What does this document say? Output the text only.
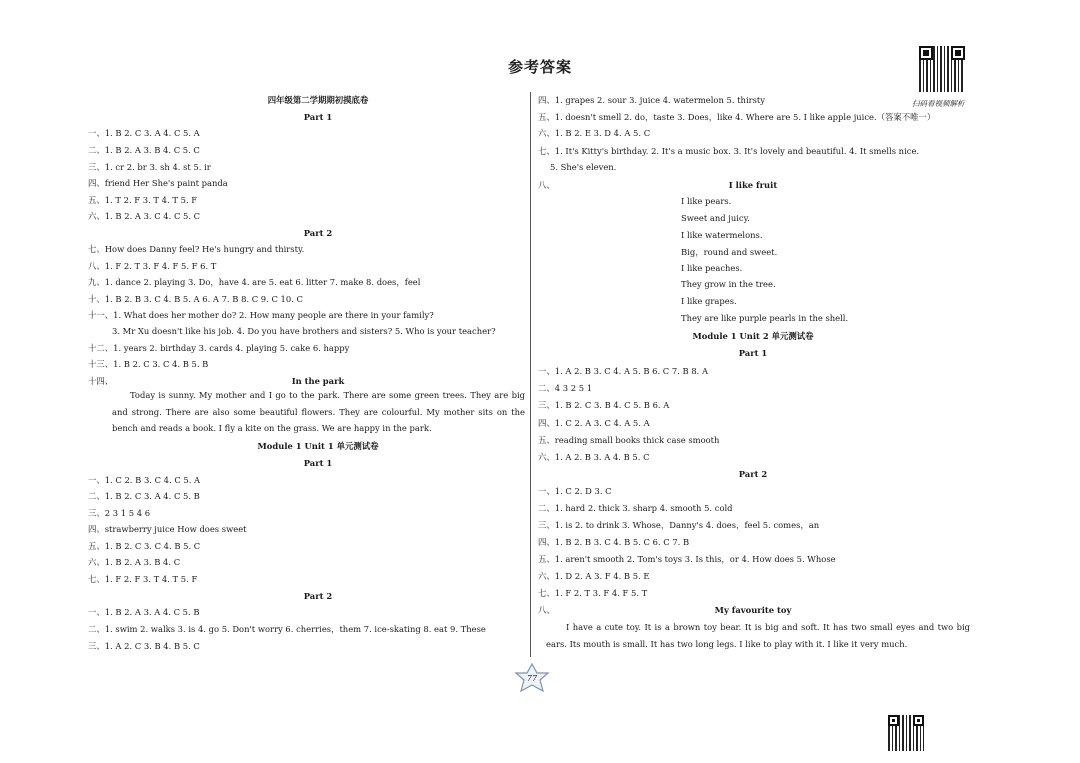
参考答案
扫码看视频解析
四年级第二学期期初摸底卷
Part 1
一、1. B 2. C 3. A 4. C 5. A
二、1. B 2. A 3. B 4. C 5. C
三、1. cr 2. br 3. sh 4. st 5. ir
四、friend Her She's paint panda
五、1. T 2. F 3. T 4. T 5. F
六、1. B 2. A 3. C 4. C 5. C
Part 2
七、How does Danny feel? He's hungry and thirsty.
八、1. F 2. T 3. F 4. F 5. F 6. T
九、1. dance 2. playing 3. Do，have 4. are 5. eat 6. litter 7. make 8. does，feel
十、1. B 2. B 3. C 4. B 5. A 6. A 7. B 8. C 9. C 10. C
十一、1. What does her mother do? 2. How many people are there in your family?
3. Mr Xu doesn't like his job. 4. Do you have brothers and sisters? 5. Who is your teacher?
十二、1. years 2. birthday 3. cards 4. playing 5. cake 6. happy
十三、1. B 2. C 3. C 4. B 5. B
十四、	In the park
Today is sunny. My mother and I go to the park. There are some green trees. They are big and strong. There are also some beautiful flowers. They are colourful. My mother sits on the bench and reads a book. I fly a kite on the grass. We are happy in the park.
Module 1 Unit 1 单元测试卷
Part 1
一、1. C 2. B 3. C 4. C 5. A
二、1. B 2. C 3. A 4. C 5. B
三、2 3 1 5 4 6
四、strawberry juice How does sweet
五、1. B 2. C 3. C 4. B 5. C
六、1. B 2. A 3. B 4. C
七、1. F 2. F 3. T 4. T 5. F
Part 2
一、1. B 2. A 3. A 4. C 5. B
二、1. swim 2. walks 3. is 4. go 5. Don't worry 6. cherries，them 7. ice-skating 8. eat 9. These
三、1. A 2. C 3. B 4. B 5. C
四、1. grapes 2. sour 3. juice 4. watermelon 5. thirsty
五、1. doesn't smell 2. do，taste 3. Does，like 4. Where are 5. I like apple juice.（答案不唯一）
六、1. B 2. E 3. D 4. A 5. C
七、1. It's Kitty's birthday. 2. It's a music box. 3. It's lovely and beautiful. 4. It smells nice.
5. She's eleven.
八、	I like fruit
I like pears.
Sweet and juicy.
I like watermelons.
Big，round and sweet.
I like peaches.
They grow in the tree.
I like grapes.
They are like purple pearls in the shell.
Module 1 Unit 2 单元测试卷
Part 1
一、1. A 2. B 3. C 4. A 5. B 6. C 7. B 8. A
二、4 3 2 5 1
三、1. B 2. C 3. B 4. C 5. B 6. A
四、1. C 2. A 3. C 4. A 5. A
五、reading small books thick case smooth
六、1. A 2. B 3. A 4. B 5. C
Part 2
一、1. C 2. D 3. C
二、1. hard 2. thick 3. sharp 4. smooth 5. cold
三、1. is 2. to drink 3. Whose，Danny's 4. does，feel 5. comes，an
四、1. B 2. B 3. C 4. B 5. C 6. C 7. B
五、1. aren't smooth 2. Tom's toys 3. Is this，or 4. How does 5. Whose
六、1. D 2. A 3. F 4. B 5. E
七、1. F 2. T 3. F 4. F 5. T
八、	My favourite toy
I have a cute toy. It is a brown toy bear. It is big and soft. It has two small eyes and two big ears. Its mouth is small. It has two long legs. I like to play with it. I like it very much.
77
